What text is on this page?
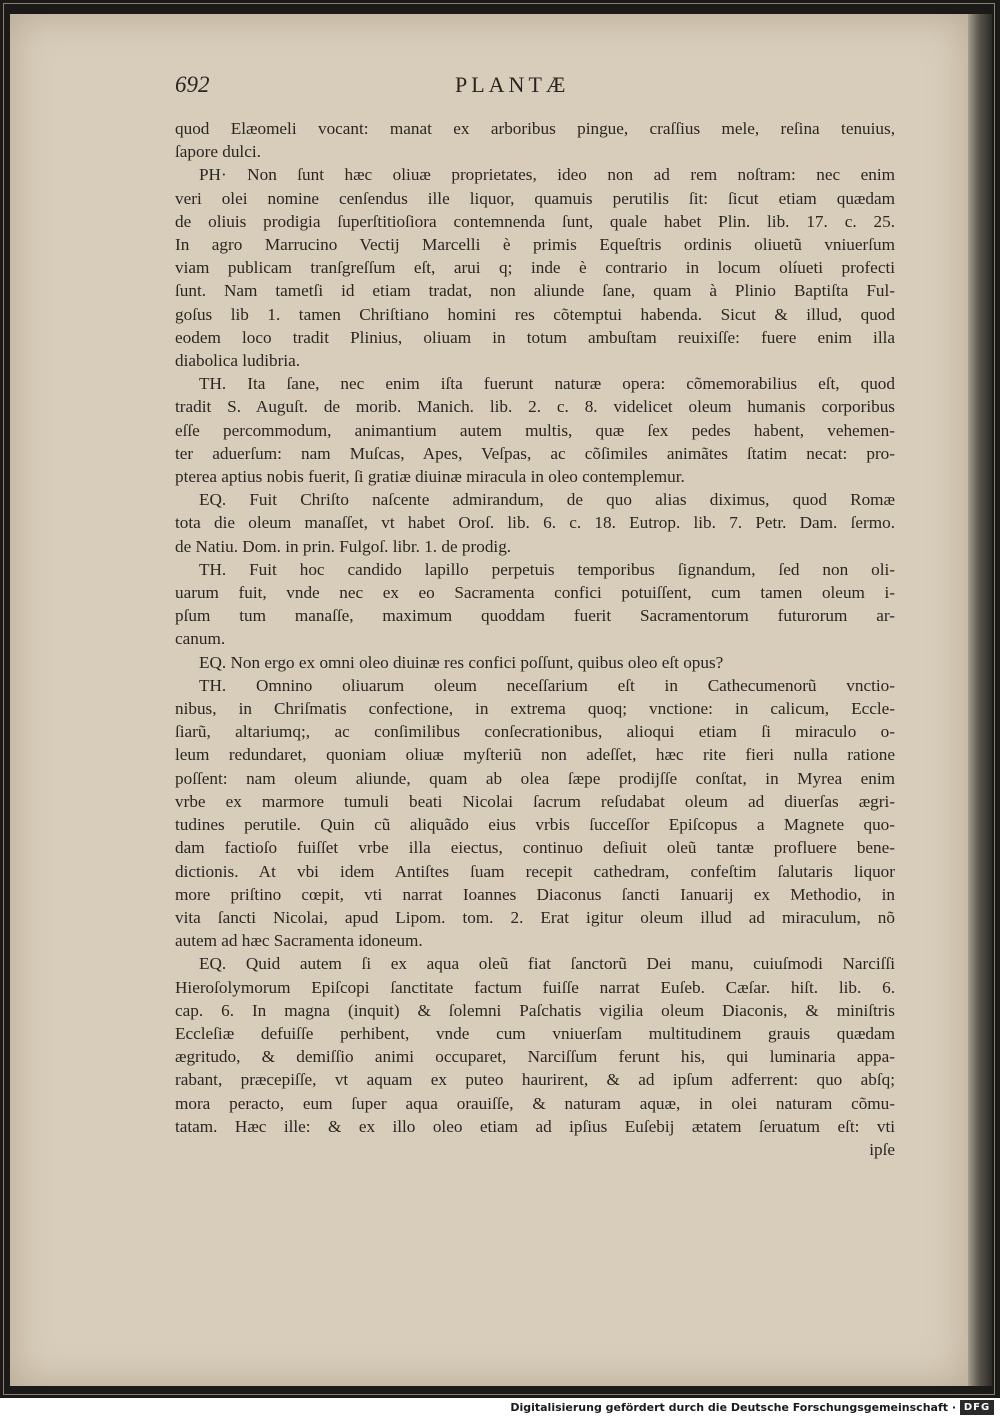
692	PLANTÆ
quod Elæomeli vocant: manat ex arboribus pingue, craſſius mele, reſina tenuius,
ſapore dulci.
PH· Non ſunt hæc oliuæ proprietates, ideo non ad rem noſtram: nec enim
veri olei nomine cenſendus ille liquor, quamuis perutilis ſit: ſicut etiam quædam
de oliuis prodigia ſuperſtitioſiora contemnenda ſunt, quale habet Plin. lib. 17. c. 25.
In agro Marrucino Vectij Marcelli è primis Equeſtris ordinis oliuetũ vniuerſum
viam publicam tranſgreſſum eſt, arui q; inde è contrario in locum olíueti profecti
ſunt. Nam tametſi id etiam tradat, non aliunde ſane, quam à Plinio Baptiſta Ful-
goſus lib 1. tamen Chriſtiano homini res cõtemptui habenda. Sicut & illud, quod
eodem loco tradit Plinius, oliuam in totum ambuſtam reuixiſſe: fuere enim illa
diabolica ludibria.
TH. Ita ſane, nec enim iſta fuerunt naturæ opera: cõmemorabilius eſt, quod
tradit S. Auguſt. de morib. Manich. lib. 2. c. 8. videlicet oleum humanis corporibus
eſſe percommodum, animantium autem multis, quæ ſex pedes habent, vehemen-
ter aduerſum: nam Muſcas, Apes, Veſpas, ac cõſimiles animãtes ſtatim necat: pro-
pterea aptius nobis fuerit, ſi gratiæ diuinæ miracula in oleo contemplemur.
EQ. Fuit Chriſto naſcente admirandum, de quo alias diximus, quod Romæ
tota die oleum manaſſet, vt habet Oroſ. lib. 6. c. 18. Eutrop. lib. 7. Petr. Dam. ſermo.
de Natiu. Dom. in prin. Fulgoſ. libr. 1. de prodig.
TH. Fuit hoc candido lapillo perpetuis temporibus ſignandum, ſed non oli-
uarum fuit, vnde nec ex eo Sacramenta confici potuiſſent, cum tamen oleum i-
pſum tum manaſſe, maximum quoddam fuerit Sacramentorum futurorum ar-
canum.
EQ. Non ergo ex omni oleo diuinæ res confici poſſunt, quibus oleo eſt opus?
TH. Omnino oliuarum oleum neceſſarium eſt in Cathecumenorũ vnctio-
nibus, in Chriſmatis confectione, in extrema quoq; vnctione: in calicum, Eccle-
ſiarũ, altariumq;, ac conſimilibus conſecrationibus, alioqui etiam ſi miraculo o-
leum redundaret, quoniam oliuæ myſteriũ non adeſſet, hæc rite fieri nulla ratione
poſſent: nam oleum aliunde, quam ab olea ſæpe prodijſſe conſtat, in Myrea enim
vrbe ex marmore tumuli beati Nicolai ſacrum reſudabat oleum ad diuerſas ægri-
tudines perutile. Quin cũ aliquãdo eius vrbis ſucceſſor Epiſcopus a Magnete quo-
dam factioſo fuiſſet vrbe illa eiectus, continuo deſiuit oleũ tantæ profluere bene-
dictionis. At vbi idem Antiſtes ſuam recepit cathedram, confeſtim ſalutaris liquor
more priſtino cœpit, vti narrat Ioannes Diaconus ſancti Ianuarij ex Methodio, in
vita ſancti Nicolai, apud Lipom. tom. 2. Erat igitur oleum illud ad miraculum, nõ
autem ad hæc Sacramenta idoneum.
EQ. Quid autem ſi ex aqua oleũ fiat ſanctorũ Dei manu, cuiuſmodi Narciſſi
Hieroſolymorum Epiſcopi ſanctitate factum fuiſſe narrat Euſeb. Cæſar. hiſt. lib. 6.
cap. 6. In magna (inquit) & ſolemni Paſchatis vigilia oleum Diaconis, & miniſtris
Eccleſiæ defuiſſe perhibent, vnde cum vniuerſam multitudinem grauis quædam
ægritudo, & demiſſio animi occuparet, Narciſſum ferunt his, qui luminaria appa-
rabant, præcepiſſe, vt aquam ex puteo haurirent, & ad ipſum adferrent: quo abſq;
mora peracto, eum ſuper aqua orauiſſe, & naturam aquæ, in olei naturam cõmu-
tatam. Hæc ille: & ex illo oleo etiam ad ipſius Euſebij ætatem ſeruatum eſt: vti
ipſe
Digitalisierung gefördert durch die Deutsche Forschungsgemeinschaft · DFG
